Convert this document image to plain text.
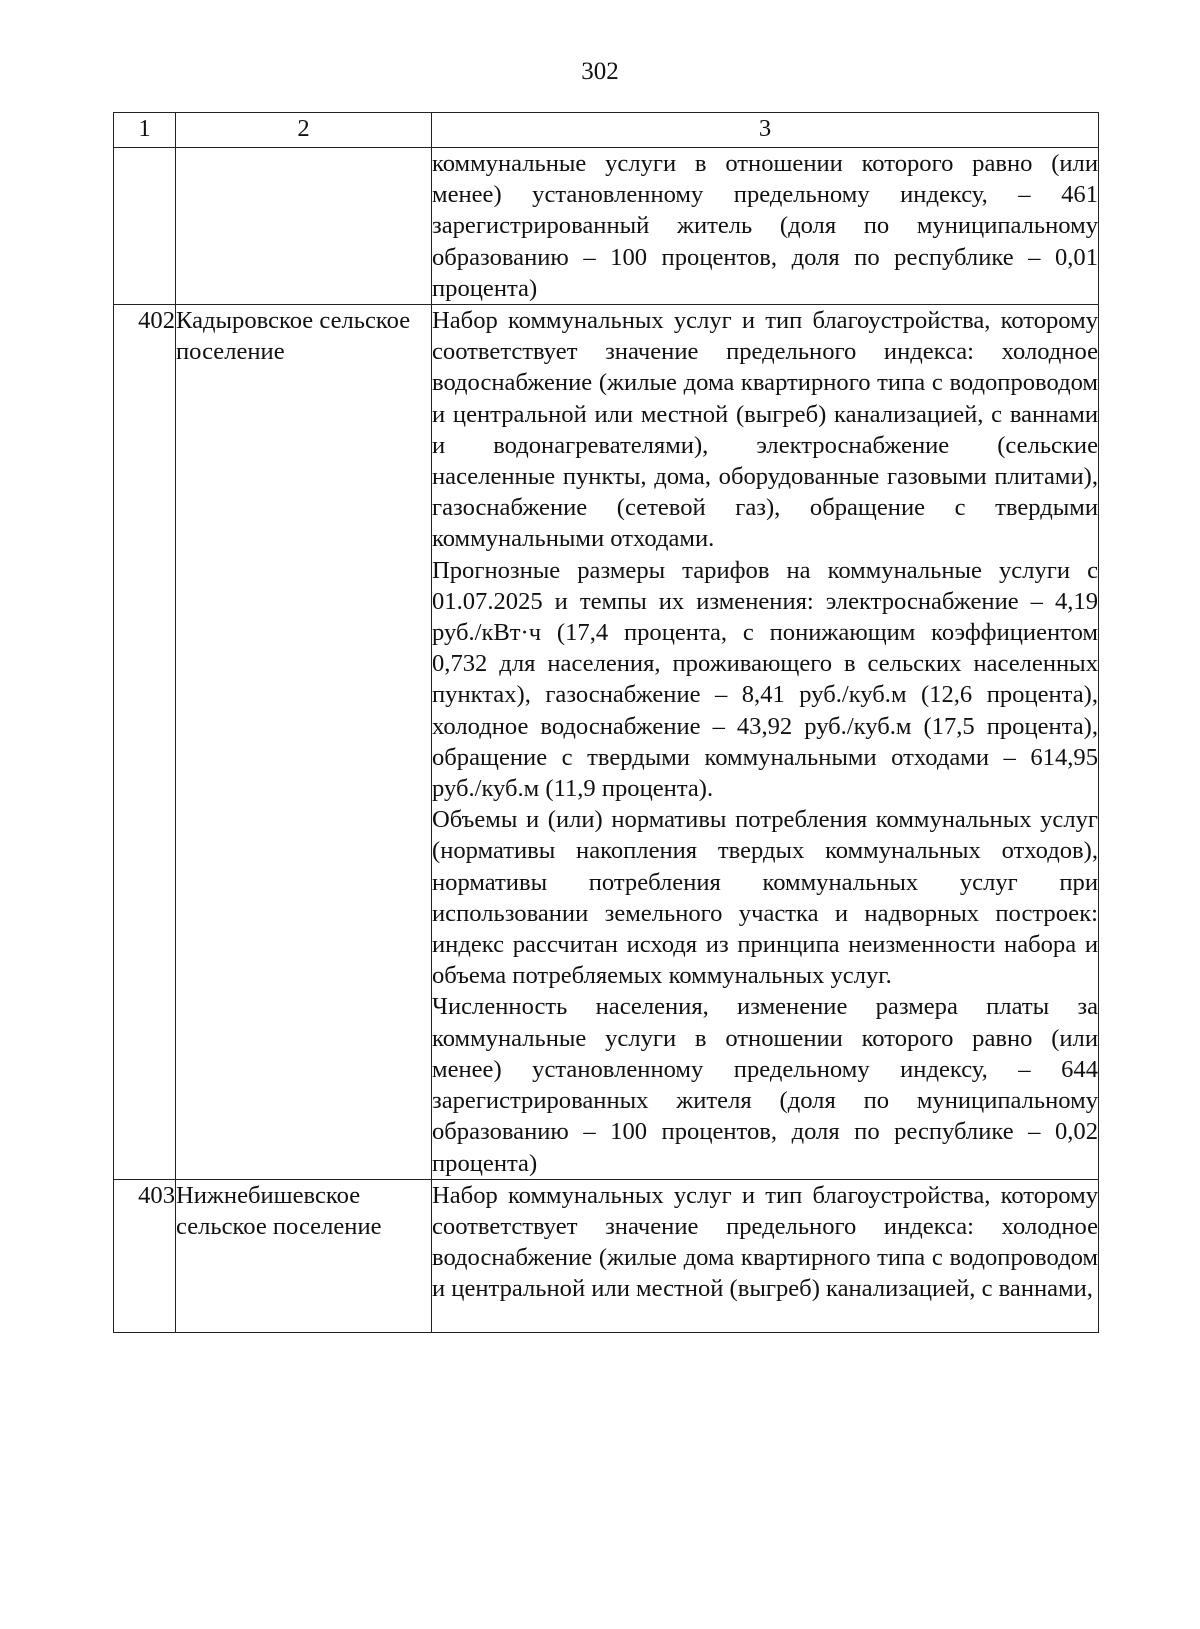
302
1	2	3

		коммунальные услуги в отношении которого равно (или менее) установленному предельному индексу, – 461 зарегистрированный житель (доля по муниципальному образованию – 100 процентов, доля по республике – 0,01 процента)

402	Кадыровское сельское поселение	Набор коммунальных услуг и тип благоустройства, которому соответствует значение предельного индекса: холодное водоснабжение (жилые дома квартирного типа с водопроводом и центральной или местной (выгреб) канализацией, с ваннами и водонагревателями), электроснабжение (сельские населенные пункты, дома, оборудованные газовыми плитами), газоснабжение (сетевой газ), обращение с твердыми коммунальными отходами.

Прогнозные размеры тарифов на коммунальные услуги с 01.07.2025 и темпы их изменения: электроснабжение – 4,19 руб./кВт·ч (17,4 процента, с понижающим коэффициентом 0,732 для населения, проживающего в сельских населенных пунктах), газоснабжение – 8,41 руб./куб.м (12,6 процента), холодное водоснабжение – 43,92 руб./куб.м (17,5 процента), обращение с твердыми коммунальными отходами – 614,95 руб./куб.м (11,9 процента).

Объемы и (или) нормативы потребления коммунальных услуг (нормативы накопления твердых коммунальных отходов), нормативы потребления коммунальных услуг при использовании земельного участка и надворных построек: индекс рассчитан исходя из принципа неизменности набора и объема потребляемых коммунальных услуг.

Численность населения, изменение размера платы за коммунальные услуги в отношении которого равно (или менее) установленному предельному индексу, – 644 зарегистрированных жителя (доля по муниципальному образованию – 100 процентов, доля по республике – 0,02 процента)

403	Нижнебишевское сельское поселение	Набор коммунальных услуг и тип благоустройства, которому соответствует значение предельного индекса: холодное водоснабжение (жилые дома квартирного типа с водопроводом и центральной или местной (выгреб) канализацией, с ваннами,
